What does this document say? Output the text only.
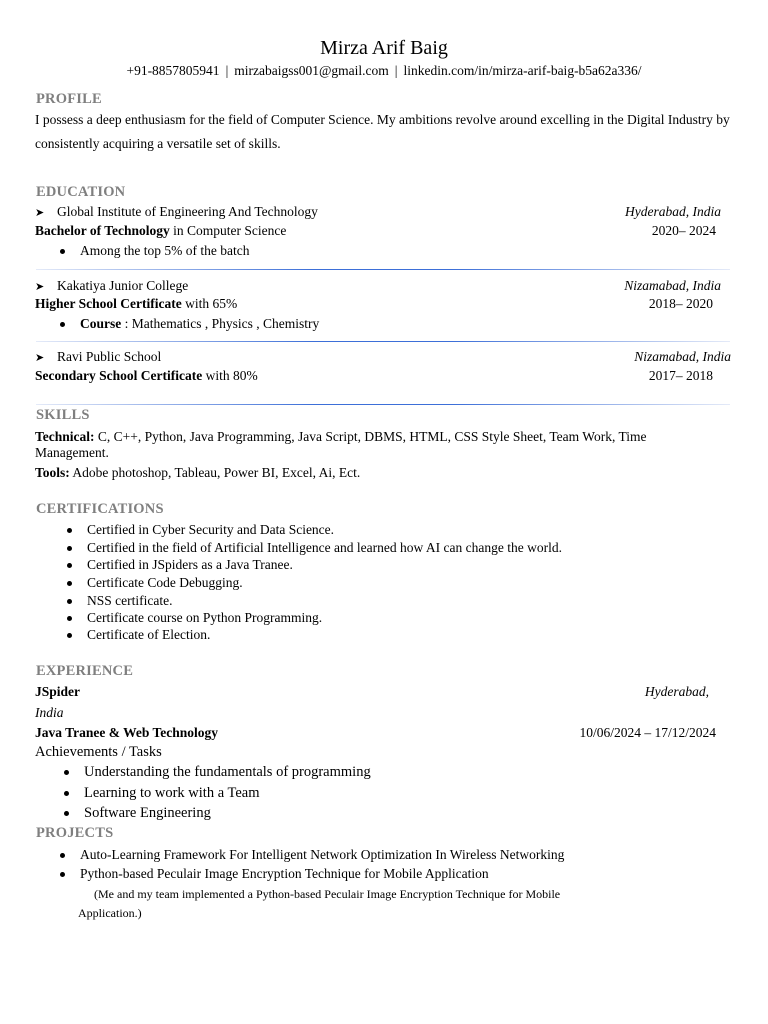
Mirza Arif Baig
+91-8857805941 | mirzabaigss001@gmail.com | linkedin.com/in/mirza-arif-baig-b5a62a336/
PROFILE
I possess a deep enthusiasm for the field of Computer Science. My ambitions revolve around excelling in the Digital Industry by consistently acquiring a versatile set of skills.
EDUCATION
➤ Global Institute of Engineering And Technology	Hyderabad, India
Bachelor of Technology in Computer Science	2020– 2024
Among the top 5% of the batch
➤ Kakatiya Junior College	Nizamabad, India
Higher School Certificate with 65%	2018– 2020
Course : Mathematics , Physics , Chemistry
➤ Ravi Public School	Nizamabad, India
Secondary School Certificate with 80%	2017– 2018
SKILLS
Technical: C, C++, Python, Java Programming, Java Script, DBMS, HTML, CSS Style Sheet, Team Work, Time Management.
Tools: Adobe photoshop, Tableau, Power BI, Excel, Ai, Ect.
CERTIFICATIONS
Certified in Cyber Security and Data Science.
Certified in the field of Artificial Intelligence and learned how AI can change the world.
Certified in JSpiders as a Java Tranee.
Certificate Code Debugging.
NSS certificate.
Certificate course on Python Programming.
Certificate of Election.
EXPERIENCE
JSpider	Hyderabad,
India
Java Tranee & Web Technology	10/06/2024 – 17/12/2024
Achievements / Tasks
Understanding the fundamentals of programming
Learning to work with a Team
Software Engineering
PROJECTS
Auto-Learning Framework For Intelligent Network Optimization In Wireless Networking
Python-based Peculair Image Encryption Technique for Mobile Application
(Me and my team implemented a Python-based Peculair Image Encryption Technique for Mobile Application.)
